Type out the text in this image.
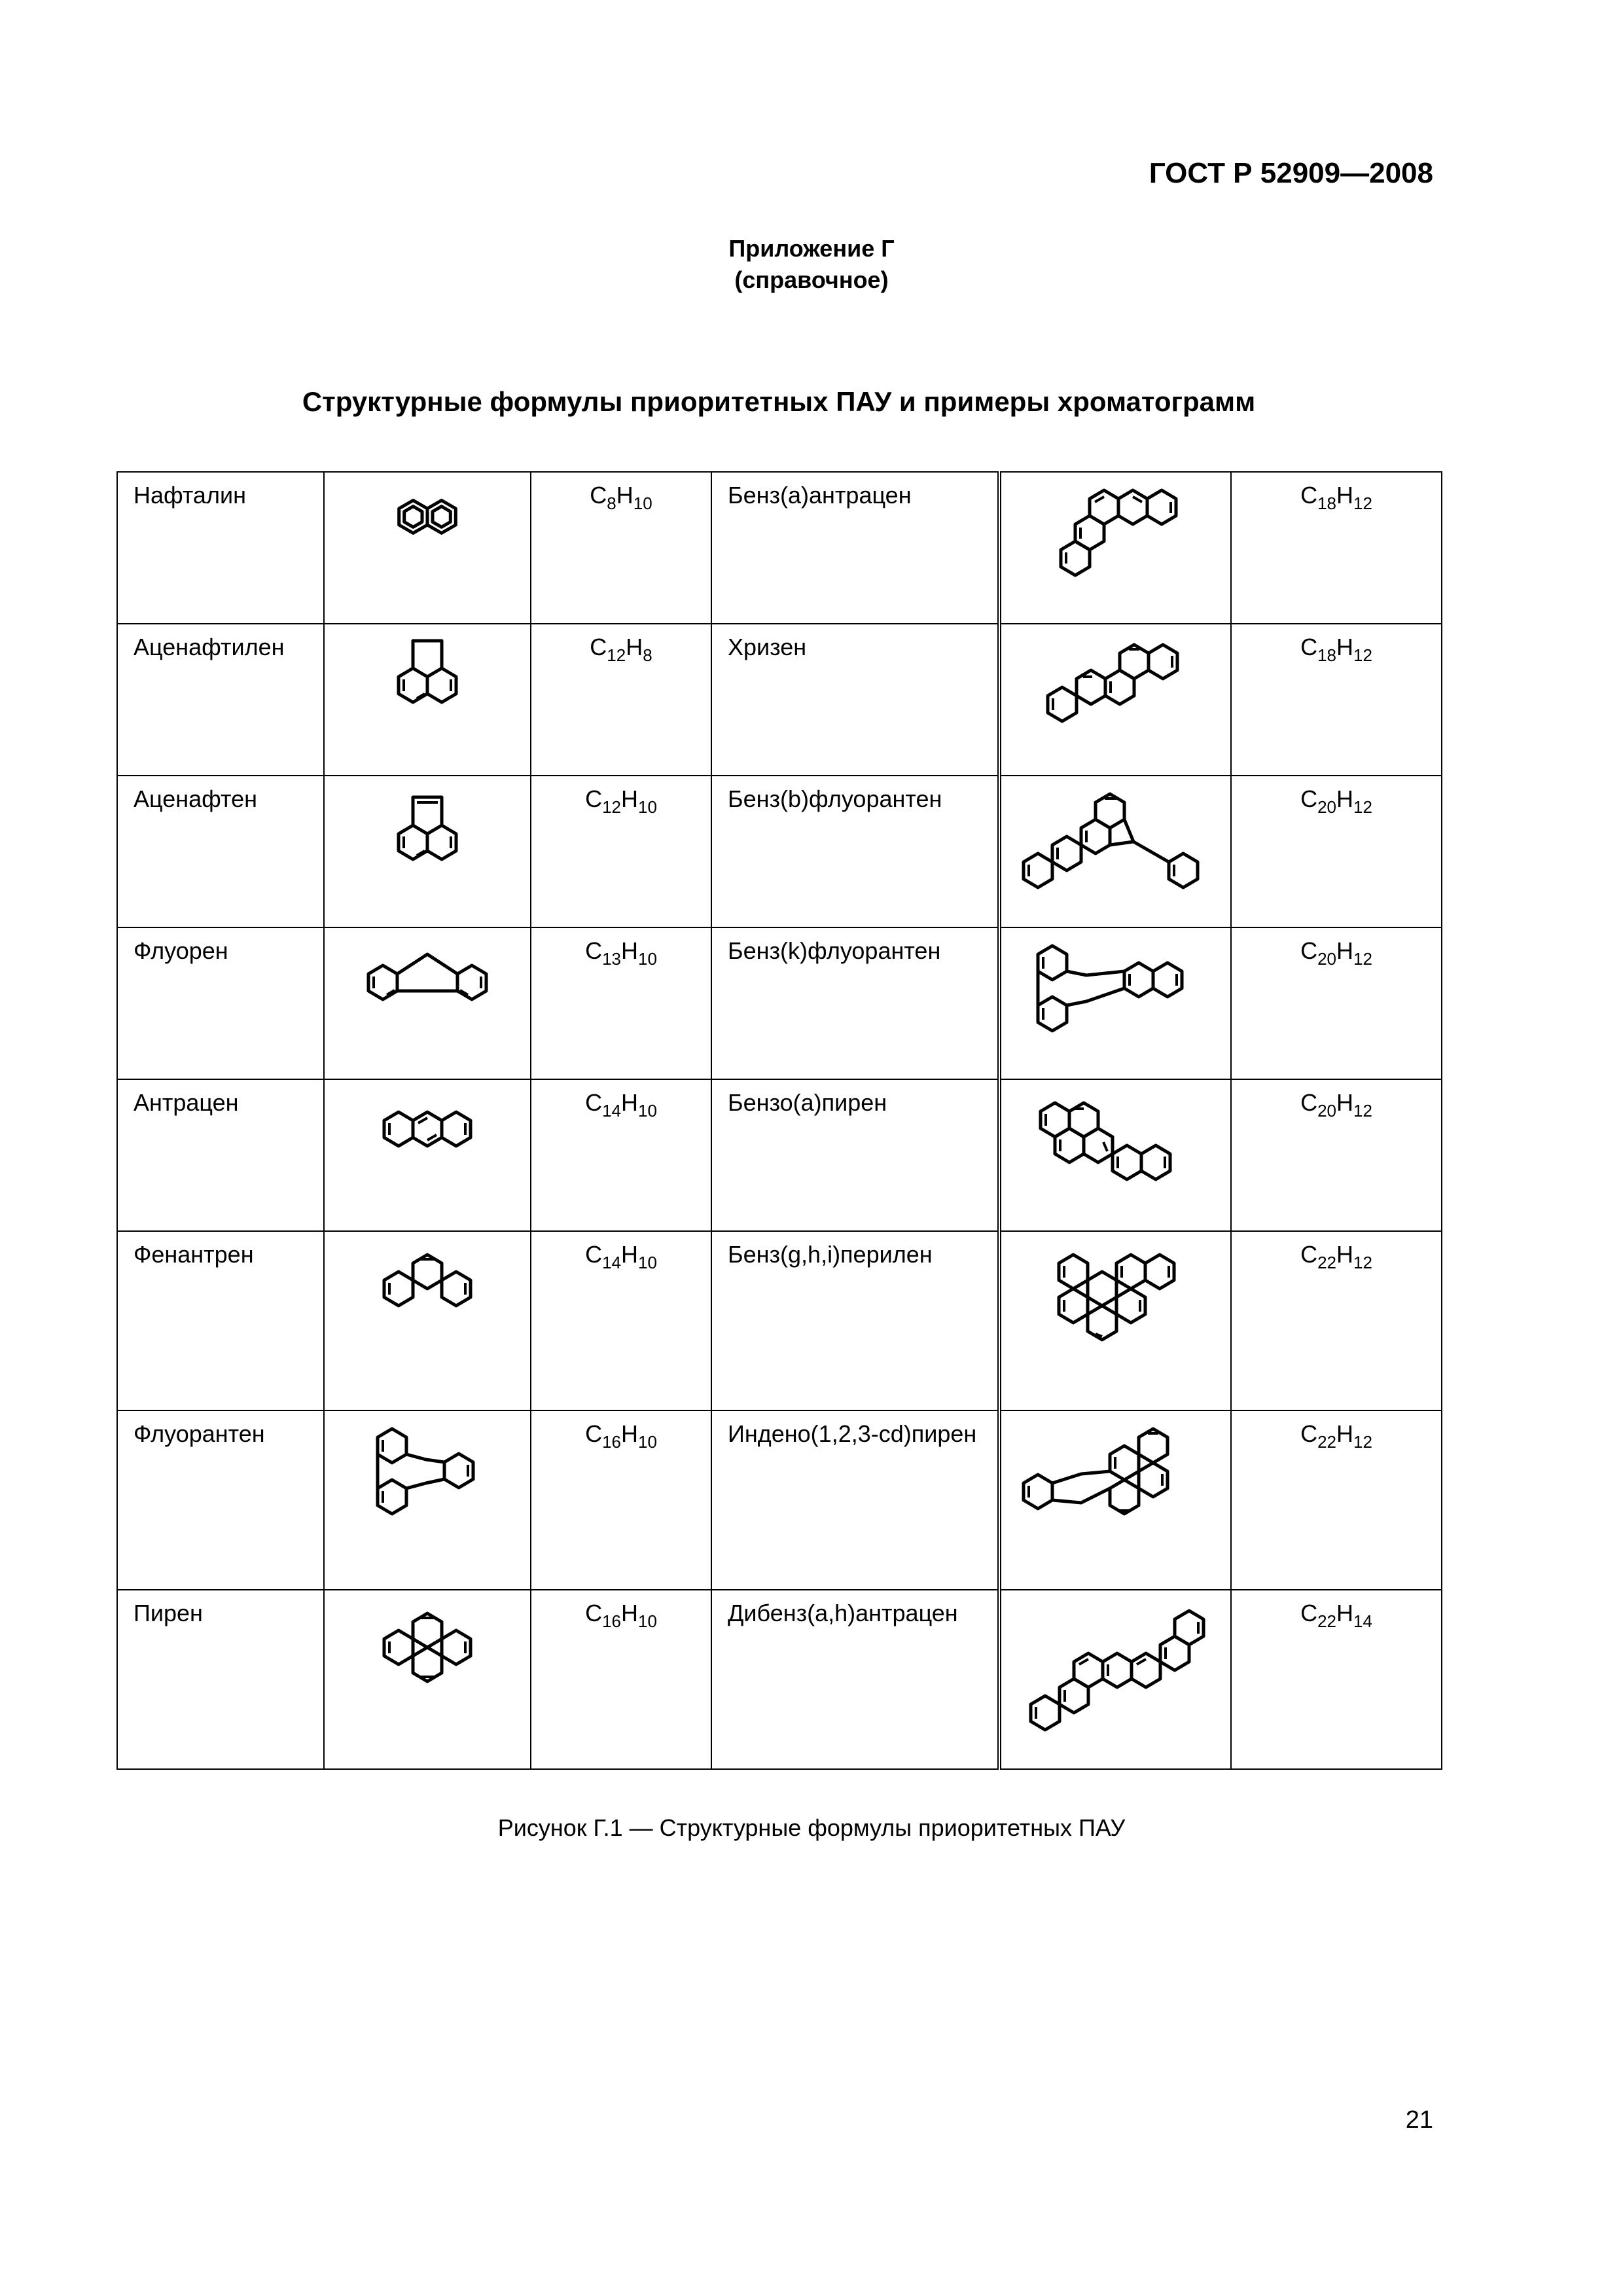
ГОСТ Р 52909—2008
Приложение Г
(справочное)
Структурные формулы приоритетных ПАУ и примеры хроматограмм
Нафталин		$C_8H_{10}$	Бенз(а)антрацен		$C_{18}H_{12}$
Аценафтилен		$C_{12}H_8$	Хризен		$C_{18}H_{12}$
Аценафтен		$C_{12}H_{10}$	Бенз(b)флуорантен		$C_{20}H_{12}$
Флуорен		$C_{13}H_{10}$	Бенз(k)флуорантен		$C_{20}H_{12}$
Антрацен		$C_{14}H_{10}$	Бензо(а)пирен		$C_{20}H_{12}$
Фенантрен		$C_{14}H_{10}$	Бенз(g,h,i)перилен		$C_{22}H_{12}$
Флуорантен		$C_{16}H_{10}$	Индено(1,2,3-cd)пирен		$C_{22}H_{12}$
Пирен		$C_{16}H_{10}$	Дибенз(a,h)антрацен		$C_{22}H_{14}$
Рисунок Г.1 — Структурные формулы приоритетных ПАУ
21
